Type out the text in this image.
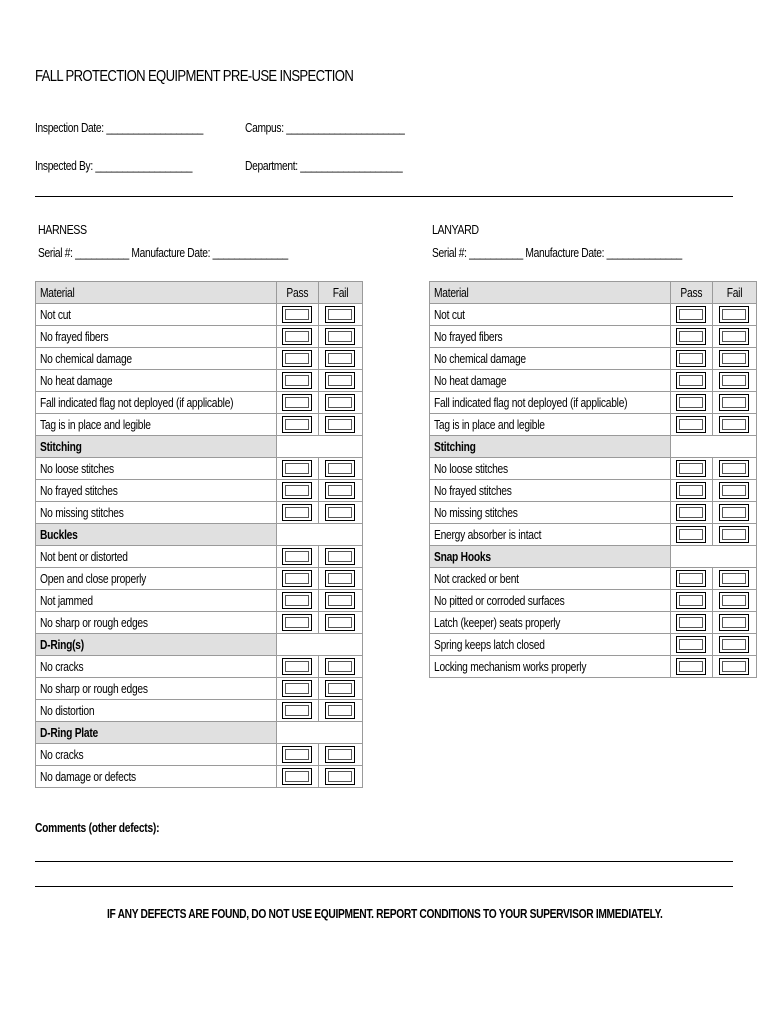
FALL PROTECTION EQUIPMENT PRE-USE INSPECTION
Inspection Date: __________________	Campus: ______________________
Inspected By: __________________	Department: ___________________
HARNESS
Serial #: __________ Manufacture Date: ______________
LANYARD
Serial #: __________ Manufacture Date: ______________
Material	Pass	Fail
Not cut	

No frayed fibers	

No chemical damage	

No heat damage	

Fall indicated flag not deployed (if applicable)	

Tag is in place and legible	

Stitching		
No loose stitches	

No frayed stitches	

No missing stitches	

Buckles		
Not bent or distorted	

Open and close properly	

Not jammed	

No sharp or rough edges	

D-Ring(s)		
No cracks	

No sharp or rough edges	

No distortion	

D-Ring Plate		
No cracks	

No damage or defects	

Material	Pass	Fail
Not cut	

No frayed fibers	

No chemical damage	

No heat damage	

Fall indicated flag not deployed (if applicable)	

Tag is in place and legible	

Stitching		
No loose stitches	

No frayed stitches	

No missing stitches	

Energy absorber is intact	

Snap Hooks		
Not cracked or bent	

No pitted or corroded surfaces	

Latch (keeper) seats properly	

Spring keeps latch closed	

Locking mechanism works properly	

Comments (other defects):
IF ANY DEFECTS ARE FOUND, DO NOT USE EQUIPMENT. REPORT CONDITIONS TO YOUR SUPERVISOR IMMEDIATELY.
